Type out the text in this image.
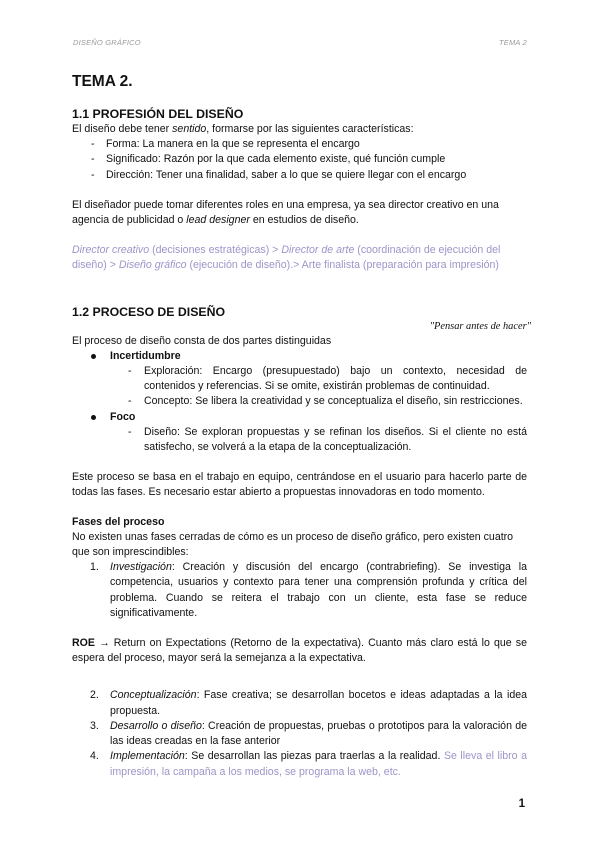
DISEÑO GRÁFICO	TEMA 2
TEMA 2.
1.1 PROFESIÓN DEL DISEÑO

El diseño debe tener sentido, formarse por las siguientes características:

- Forma: La manera en la que se representa el encargo
- Significado: Razón por la que cada elemento existe, qué función cumple
- Dirección: Tener una finalidad, saber a lo que se quiere llegar con el encargo

El diseñador puede tomar diferentes roles en una empresa, ya sea director creativo en una agencia de publicidad o lead designer en estudios de diseño.

Director creativo (decisiones estratégicas) > Director de arte (coordinación de ejecución del diseño) > Diseño gráfico (ejecución de diseño).> Arte finalista (preparación para impresión)

1.2 PROCESO DE DISEÑO
"Pensar antes de hacer"

El proceso de diseño consta de dos partes distinguidas

Incertidumbre
- Exploración: Encargo (presupuestado) bajo un contexto, necesidad de contenidos y referencias. Si se omite, existirán problemas de continuidad.
- Concepto: Se libera la creatividad y se conceptualiza el diseño, sin restricciones.
Foco
- Diseño: Se exploran propuestas y se refinan los diseños. Si el cliente no está satisfecho, se volverá a la etapa de la conceptualización.

Este proceso se basa en el trabajo en equipo, centrándose en el usuario para hacerlo parte de todas las fases. Es necesario estar abierto a propuestas innovadoras en todo momento.

Fases del proceso

No existen unas fases cerradas de cómo es un proceso de diseño gráfico, pero existen cuatro que son imprescindibles:

1. Investigación: Creación y discusión del encargo (contrabriefing). Se investiga la competencia, usuarios y contexto para tener una comprensión profunda y crítica del problema. Cuando se reitera el trabajo con un cliente, esta fase se reduce significativamente.

ROE → Return on Expectations (Retorno de la expectativa). Cuanto más claro está lo que se espera del proceso, mayor será la semejanza a la expectativa.

2. Conceptualización: Fase creativa; se desarrollan bocetos e ideas adaptadas a la idea propuesta.
3. Desarrollo o diseño: Creación de propuestas, pruebas o prototipos para la valoración de las ideas creadas en la fase anterior
4. Implementación: Se desarrollan las piezas para traerlas a la realidad. Se lleva el libro a impresión, la campaña a los medios, se programa la web, etc.
1
